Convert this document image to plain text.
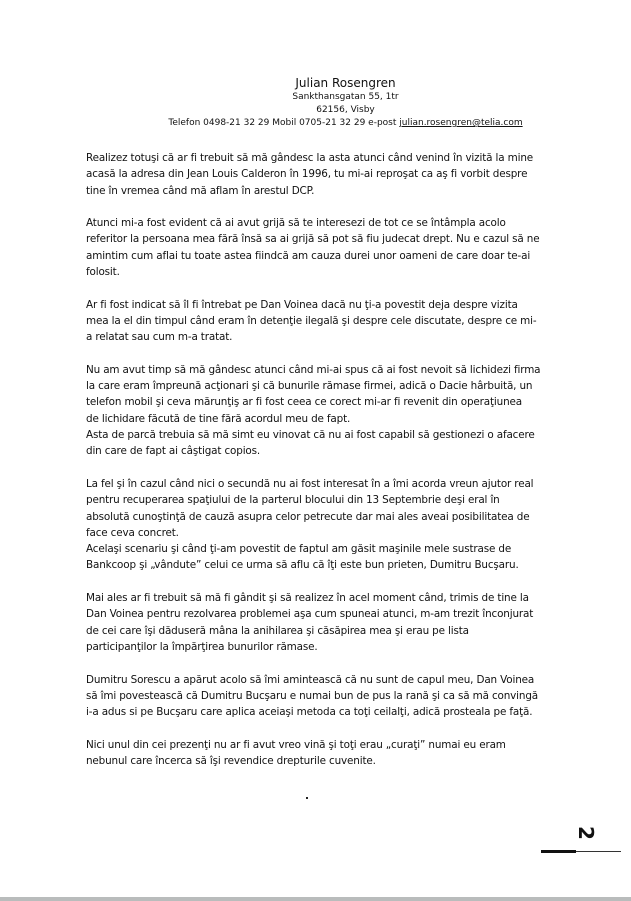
Julian Rosengren
Sankthansgatan 55, 1tr
62156, Visby
Telefon 0498-21 32 29 Mobil 0705-21 32 29 e-post julian.rosengren@telia.com

Realizez totuşi că ar fi trebuit să mă gândesc la asta atunci când venind în vizită la mine
acasă la adresa din Jean Louis Calderon în 1996, tu mi-ai reproşat ca aş fi vorbit despre
tine în vremea când mă aflam în arestul DCP.

Atunci mi-a fost evident că ai avut grijă să te interesezi de tot ce se întâmpla acolo
referitor la persoana mea fără însă sa ai grijă să pot să fiu judecat drept. Nu e cazul să ne
amintim cum aflai tu toate astea fiindcă am cauza durei unor oameni de care doar te-ai
folosit.

Ar fi fost indicat să îl fi întrebat pe Dan Voinea dacă nu ţi-a povestit deja despre vizita
mea la el din timpul când eram în detenţie ilegală şi despre cele discutate, despre ce mi-
a relatat sau cum m-a tratat.

Nu am avut timp să mă gândesc atunci când mi-ai spus că ai fost nevoit să lichidezi firma
la care eram împreună acţionari şi că bunurile rămase firmei, adică o Dacie hârbuită, un
telefon mobil şi ceva mărunţiş ar fi fost ceea ce corect mi-ar fi revenit din operaţiunea
de lichidare făcută de tine fără acordul meu de fapt.
Asta de parcă trebuia să mă simt eu vinovat că nu ai fost capabil să gestionezi o afacere
din care de fapt ai câştigat copios.

La fel şi în cazul când nici o secundă nu ai fost interesat în a îmi acorda vreun ajutor real
pentru recuperarea spaţiului de la parterul blocului din 13 Septembrie deşi eral în
absolută cunoştinţă de cauză asupra celor petrecute dar mai ales aveai posibilitatea de
face ceva concret.
Acelaşi scenariu şi când ţi-am povestit de faptul am găsit maşinile mele sustrase de
Bankcoop şi „vândute” celui ce urma să aflu că îţi este bun prieten, Dumitru Bucşaru.

Mai ales ar fi trebuit să mă fi gândit şi să realizez în acel moment când, trimis de tine la
Dan Voinea pentru rezolvarea problemei aşa cum spuneai atunci, m-am trezit înconjurat
de cei care îşi dăduseră mâna la anihilarea şi căsăpirea mea şi erau pe lista
participanţilor la împărţirea bunurilor rămase.

Dumitru Sorescu a apărut acolo să îmi amintească că nu sunt de capul meu, Dan Voinea
să îmi povestească că Dumitru Bucşaru e numai bun de pus la rană şi ca să mă convingă
i-a adus si pe Bucşaru care aplica aceiaşi metoda ca toţi ceilalţi, adică prosteala pe faţă.

Nici unul din cei prezenţi nu ar fi avut vreo vină şi toţi erau „curaţi” numai eu eram
nebunul care încerca să îşi revendice drepturile cuvenite.

2
